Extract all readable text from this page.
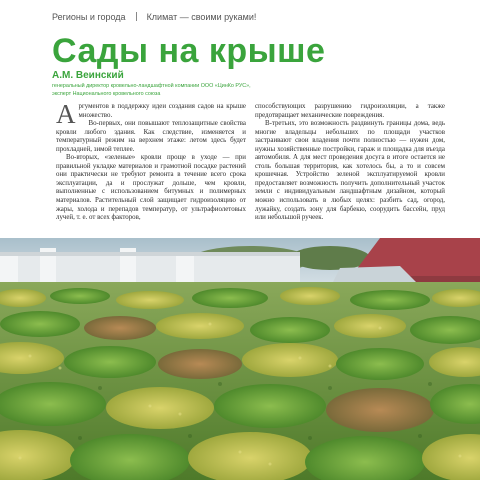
Регионы и города Климат — своими руками!
Сады на крыше
А.М. Веинский
генеральный директор кровельно-ландшафтной компании ООО «ЦинКо РУС»,
эксперт Национального кровельного союза

Аргументов в поддержку идеи создания садов на крыше множество.

Во-первых, они повышают теплозащитные свойства кровли любого здания. Как следствие, изменяется и температурный режим на верхнем этаже: летом здесь будет прохладней, зимой теплее.

Во-вторых, «зеленые» кровли прощe в уходе — при правильной укладке материалов и грамотной посадке растений они практически не требуют ремонта в течение всего срока эксплуатации, да и прослужат дольше, чем кровли, выполненные с использованием битумных и полимерных материалов. Растительный слой защищает гидроизоляцию от жары, холода и перепадов температур, от ультрафиолетовых лучей, т. е. от всех факторов,

способствующих разрушению гидроизоляции, а также предотвращает механические повреждения.

В-третьих, это возможность раздвинуть границы дома, ведь многие владельцы небольших по площади участков застраивают свои владения почти полностью — нужен дом, нужны хозяйственные постройки, гараж и площадка для въезда автомобиля. А для мест проведения досуга в итоге остается не столь большая территория, как хотелось бы, а то и совсем крошечная. Устройство зеленой эксплуатируемой кровли предоставляет возможность получить дополнительный участок земли с индивидуальным ландшафтным дизайном, который можно использовать в любых целях: разбить сад, огород, лужайку, создать зону для барбекю, соорудить бассейн, пруд или небольшой ручеек.
